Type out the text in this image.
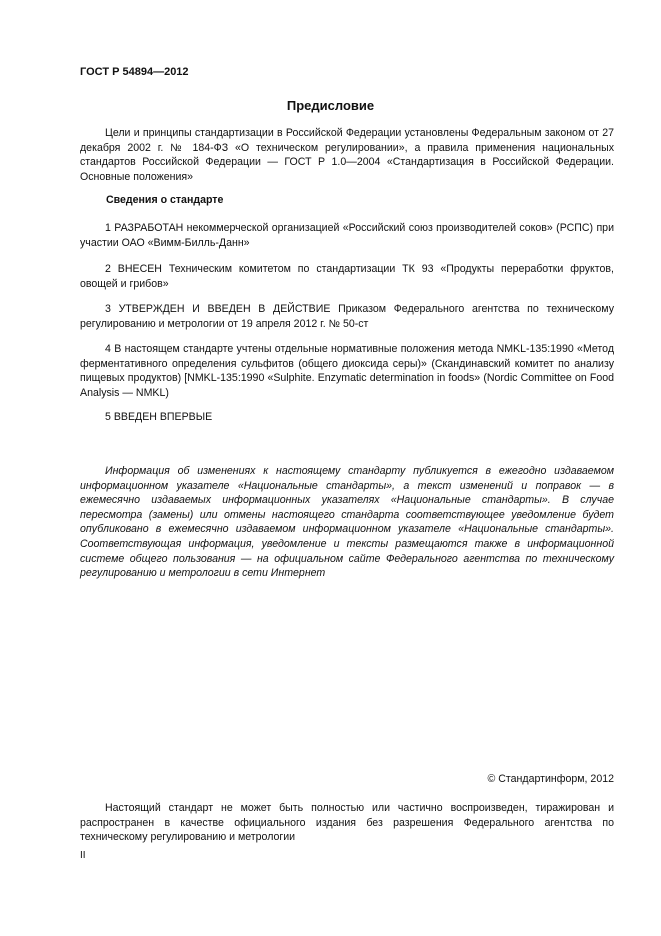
ГОСТ Р 54894—2012
Предисловие

Цели и принципы стандартизации в Российской Федерации установлены Федеральным законом от 27 декабря 2002 г. № 184-ФЗ «О техническом регулировании», а правила применения национальных стандартов Российской Федерации — ГОСТ Р 1.0—2004 «Стандартизация в Российской Федерации. Основные положения»

Сведения о стандарте

1 РАЗРАБОТАН некоммерческой организацией «Российский союз производителей соков» (РСПС) при участии ОАО «Вимм-Билль-Данн»

2 ВНЕСЕН Техническим комитетом по стандартизации ТК 93 «Продукты переработки фруктов, овощей и грибов»

3 УТВЕРЖДЕН И ВВЕДЕН В ДЕЙСТВИЕ Приказом Федерального агентства по техническому регулированию и метрологии от 19 апреля 2012 г. № 50-ст

4 В настоящем стандарте учтены отдельные нормативные положения метода NMKL-135:1990 «Метод ферментативного определения сульфитов (общего диоксида серы)» (Скандинавский комитет по анализу пищевых продуктов) [NMKL-135:1990 «Sulphite. Enzymatic determination in foods» (Nordic Committee on Food Analysis — NMKL)

5 ВВЕДЕН ВПЕРВЫЕ

Информация об изменениях к настоящему стандарту публикуется в ежегодно издаваемом информационном указателе «Национальные стандарты», а текст изменений и поправок — в ежемесячно издаваемых информационных указателях «Национальные стандарты». В случае пересмотра (замены) или отмены настоящего стандарта соответствующее уведомление будет опубликовано в ежемесячно издаваемом информационном указателе «Национальные стандарты». Соответствующая информация, уведомление и тексты размещаются также в информационной системе общего пользования — на официальном сайте Федерального агентства по техническому регулированию и метрологии в сети Интернет

© Стандартинформ, 2012

Настоящий стандарт не может быть полностью или частично воспроизведен, тиражирован и распространен в качестве официального издания без разрешения Федерального агентства по техническому регулированию и метрологии

II
